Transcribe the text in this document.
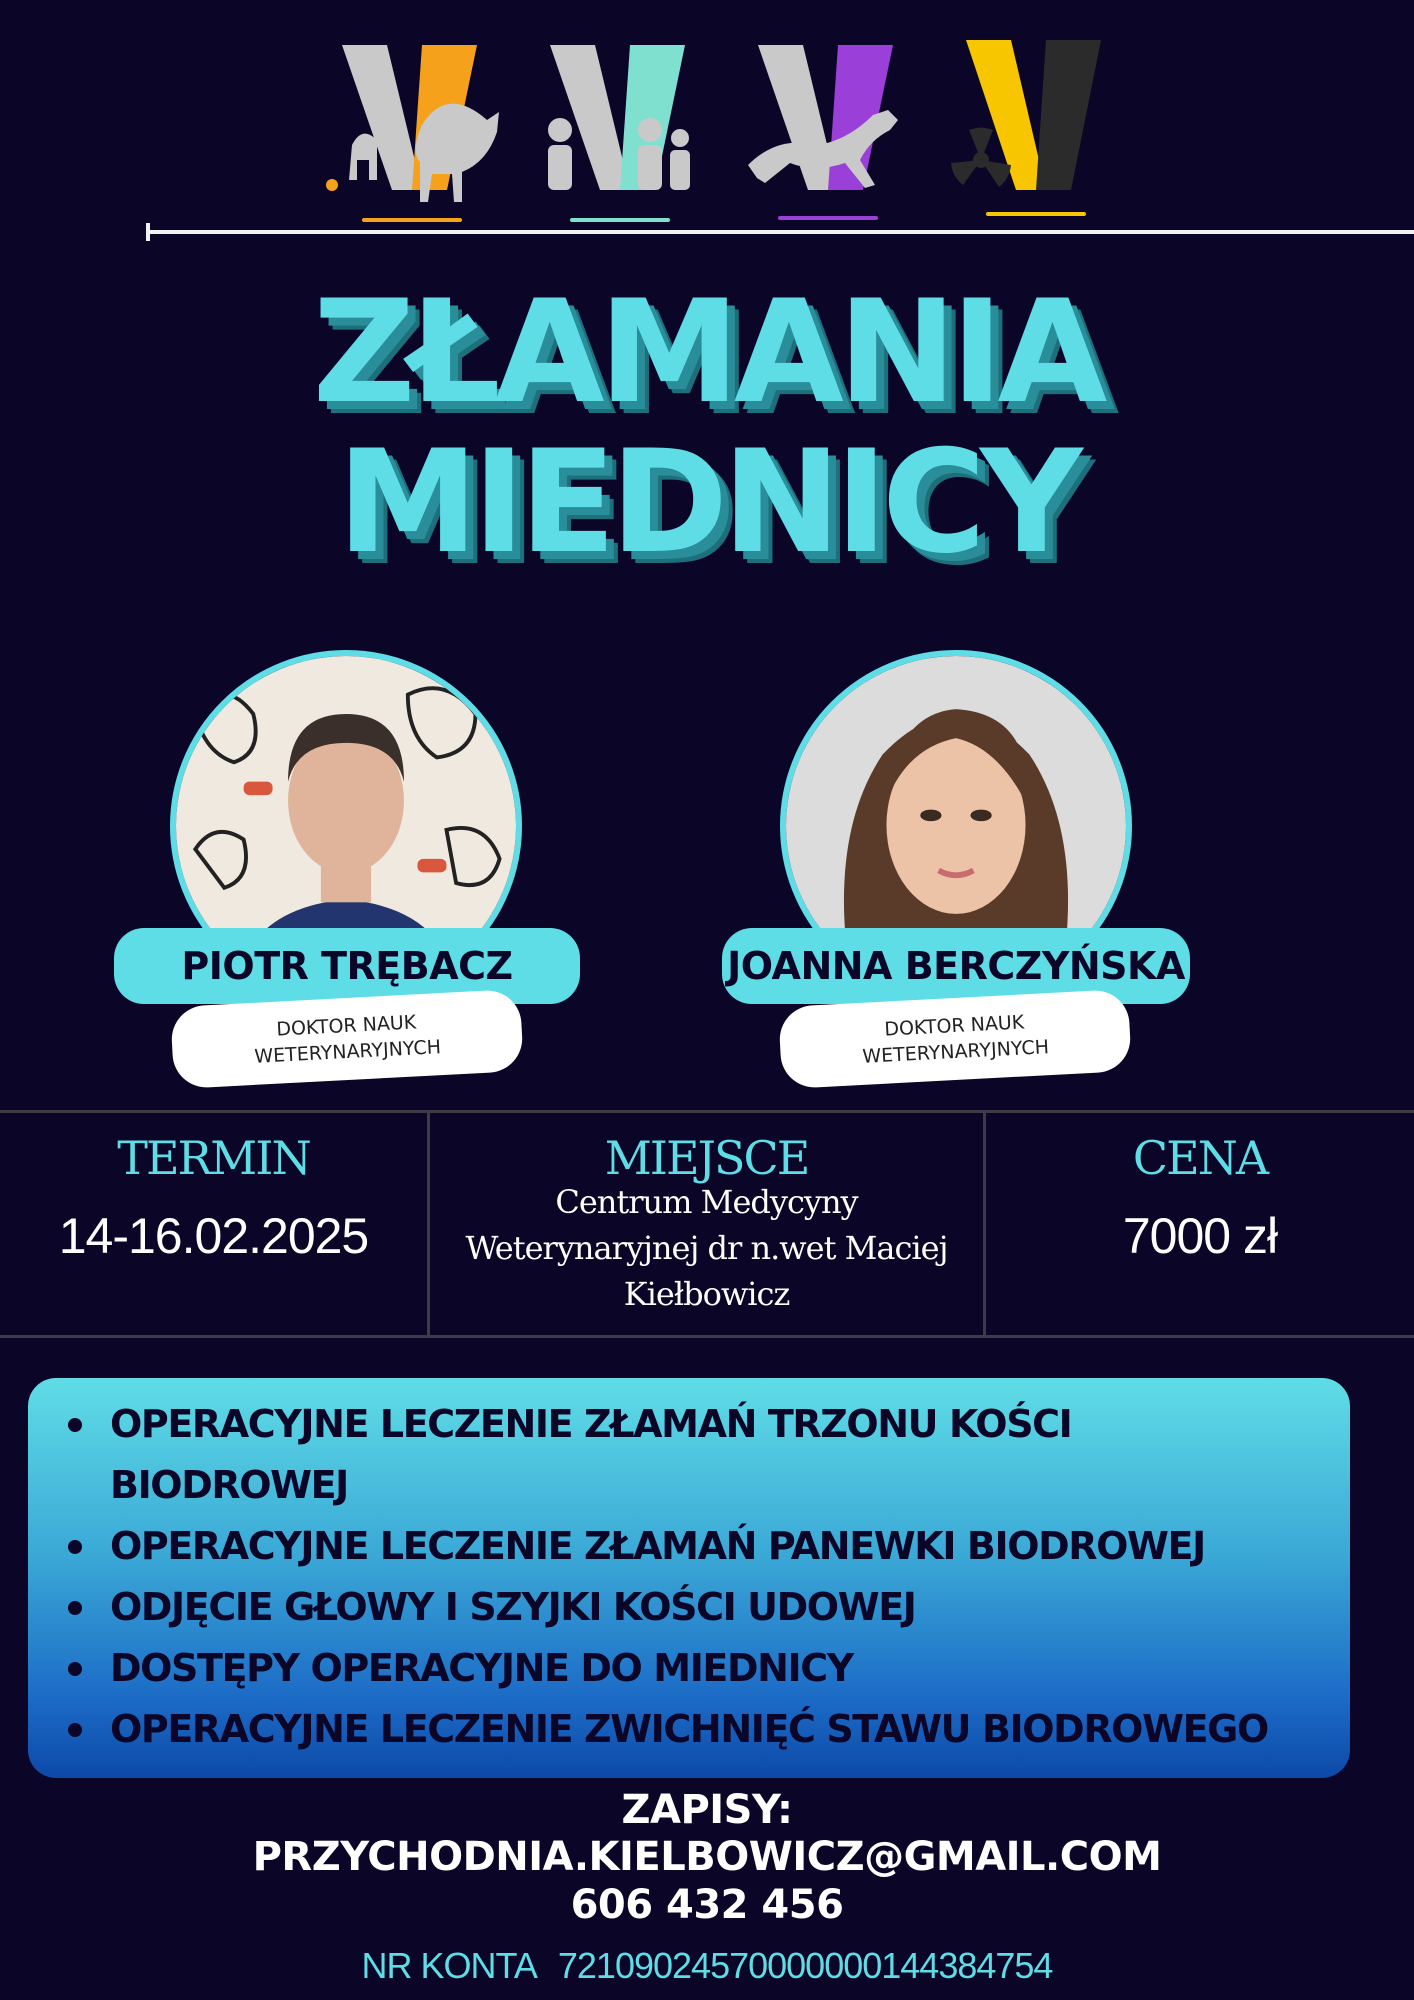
ZŁAMANIA
MIEDNICY
PIOTR TRĘBACZ
DOKTOR NAUK
WETERYNARYJNYCH
JOANNA BERCZYŃSKA
DOKTOR NAUK
WETERYNARYJNYCH
TERMIN
14-16.02.2025
MIEJSCE
Centrum Medycyny
Weterynaryjnej dr n.wet Maciej
Kiełbowicz
CENA
7000 zł
OPERACYJNE LECZENIE ZŁAMAŃ TRZONU KOŚCI
BIODROWEJ
OPERACYJNE LECZENIE ZŁAMAŃ PANEWKI BIODROWEJ
ODJĘCIE GŁOWY I SZYJKI KOŚCI UDOWEJ
DOSTĘPY OPERACYJNE DO MIEDNICY
OPERACYJNE LECZENIE ZWICHNIĘĆ STAWU BIODROWEGO
ZAPISY:
PRZYCHODNIA.KIELBOWICZ@GMAIL.COM
606 432 456
NR KONTA 72109024570000000144384754
